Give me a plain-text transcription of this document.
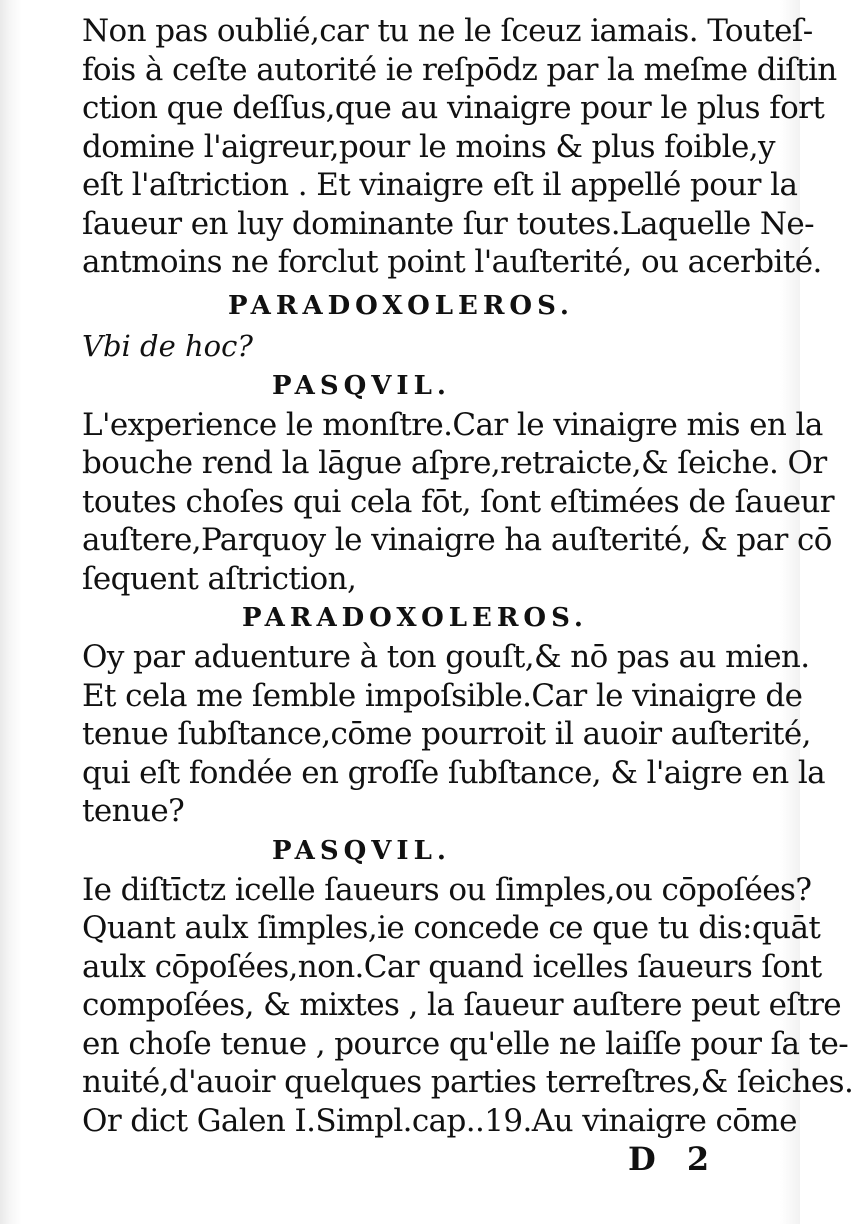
Non pas oublié,car tu ne le ſceuz iamais. Touteſ-
fois à ceſte autorité ie reſpōdz par la meſme diſtin
ction que deſſus,que au vinaigre pour le plus fort
domine l'aigreur,pour le moins & plus foible,y
eſt l'aſtriction . Et vinaigre eſt il appellé pour la
ſaueur en luy dominante ſur toutes.Laquelle Ne-
antmoins ne forclut point l'auſterité, ou acerbité.
PARADOXOLEROS.
Vbi de hoc?
PASQVIL.
L'experience le monſtre.Car le vinaigre mis en la
bouche rend la lāgue aſpre,retraicte,& ſeiche. Or
toutes choſes qui cela fōt, ſont eſtimées de ſaueur
auſtere,Parquoy le vinaigre ha auſterité, & par cō
ſequent aſtriction,
PARADOXOLEROS.
Oy par aduenture à ton gouſt,& nō pas au mien.
Et cela me ſemble impoſsible.Car le vinaigre de
tenue ſubſtance,cōme pourroit il auoir auſterité,
qui eſt fondée en groſſe ſubſtance, & l'aigre en la
tenue?
PASQVIL.
Ie diſtīctz icelle ſaueurs ou ſimples,ou cōpoſées?
Quant aulx ſimples,ie concede ce que tu dis:quāt
aulx cōpoſées,non.Car quand icelles ſaueurs ſont
compoſées, & mixtes , la ſaueur auſtere peut eſtre
en choſe tenue , pource qu'elle ne laiſſe pour ſa te-
nuité,d'auoir quelques parties terreſtres,& ſeiches.
Or dict Galen I.Simpl.cap..19.Au vinaigre cōme
D 2
